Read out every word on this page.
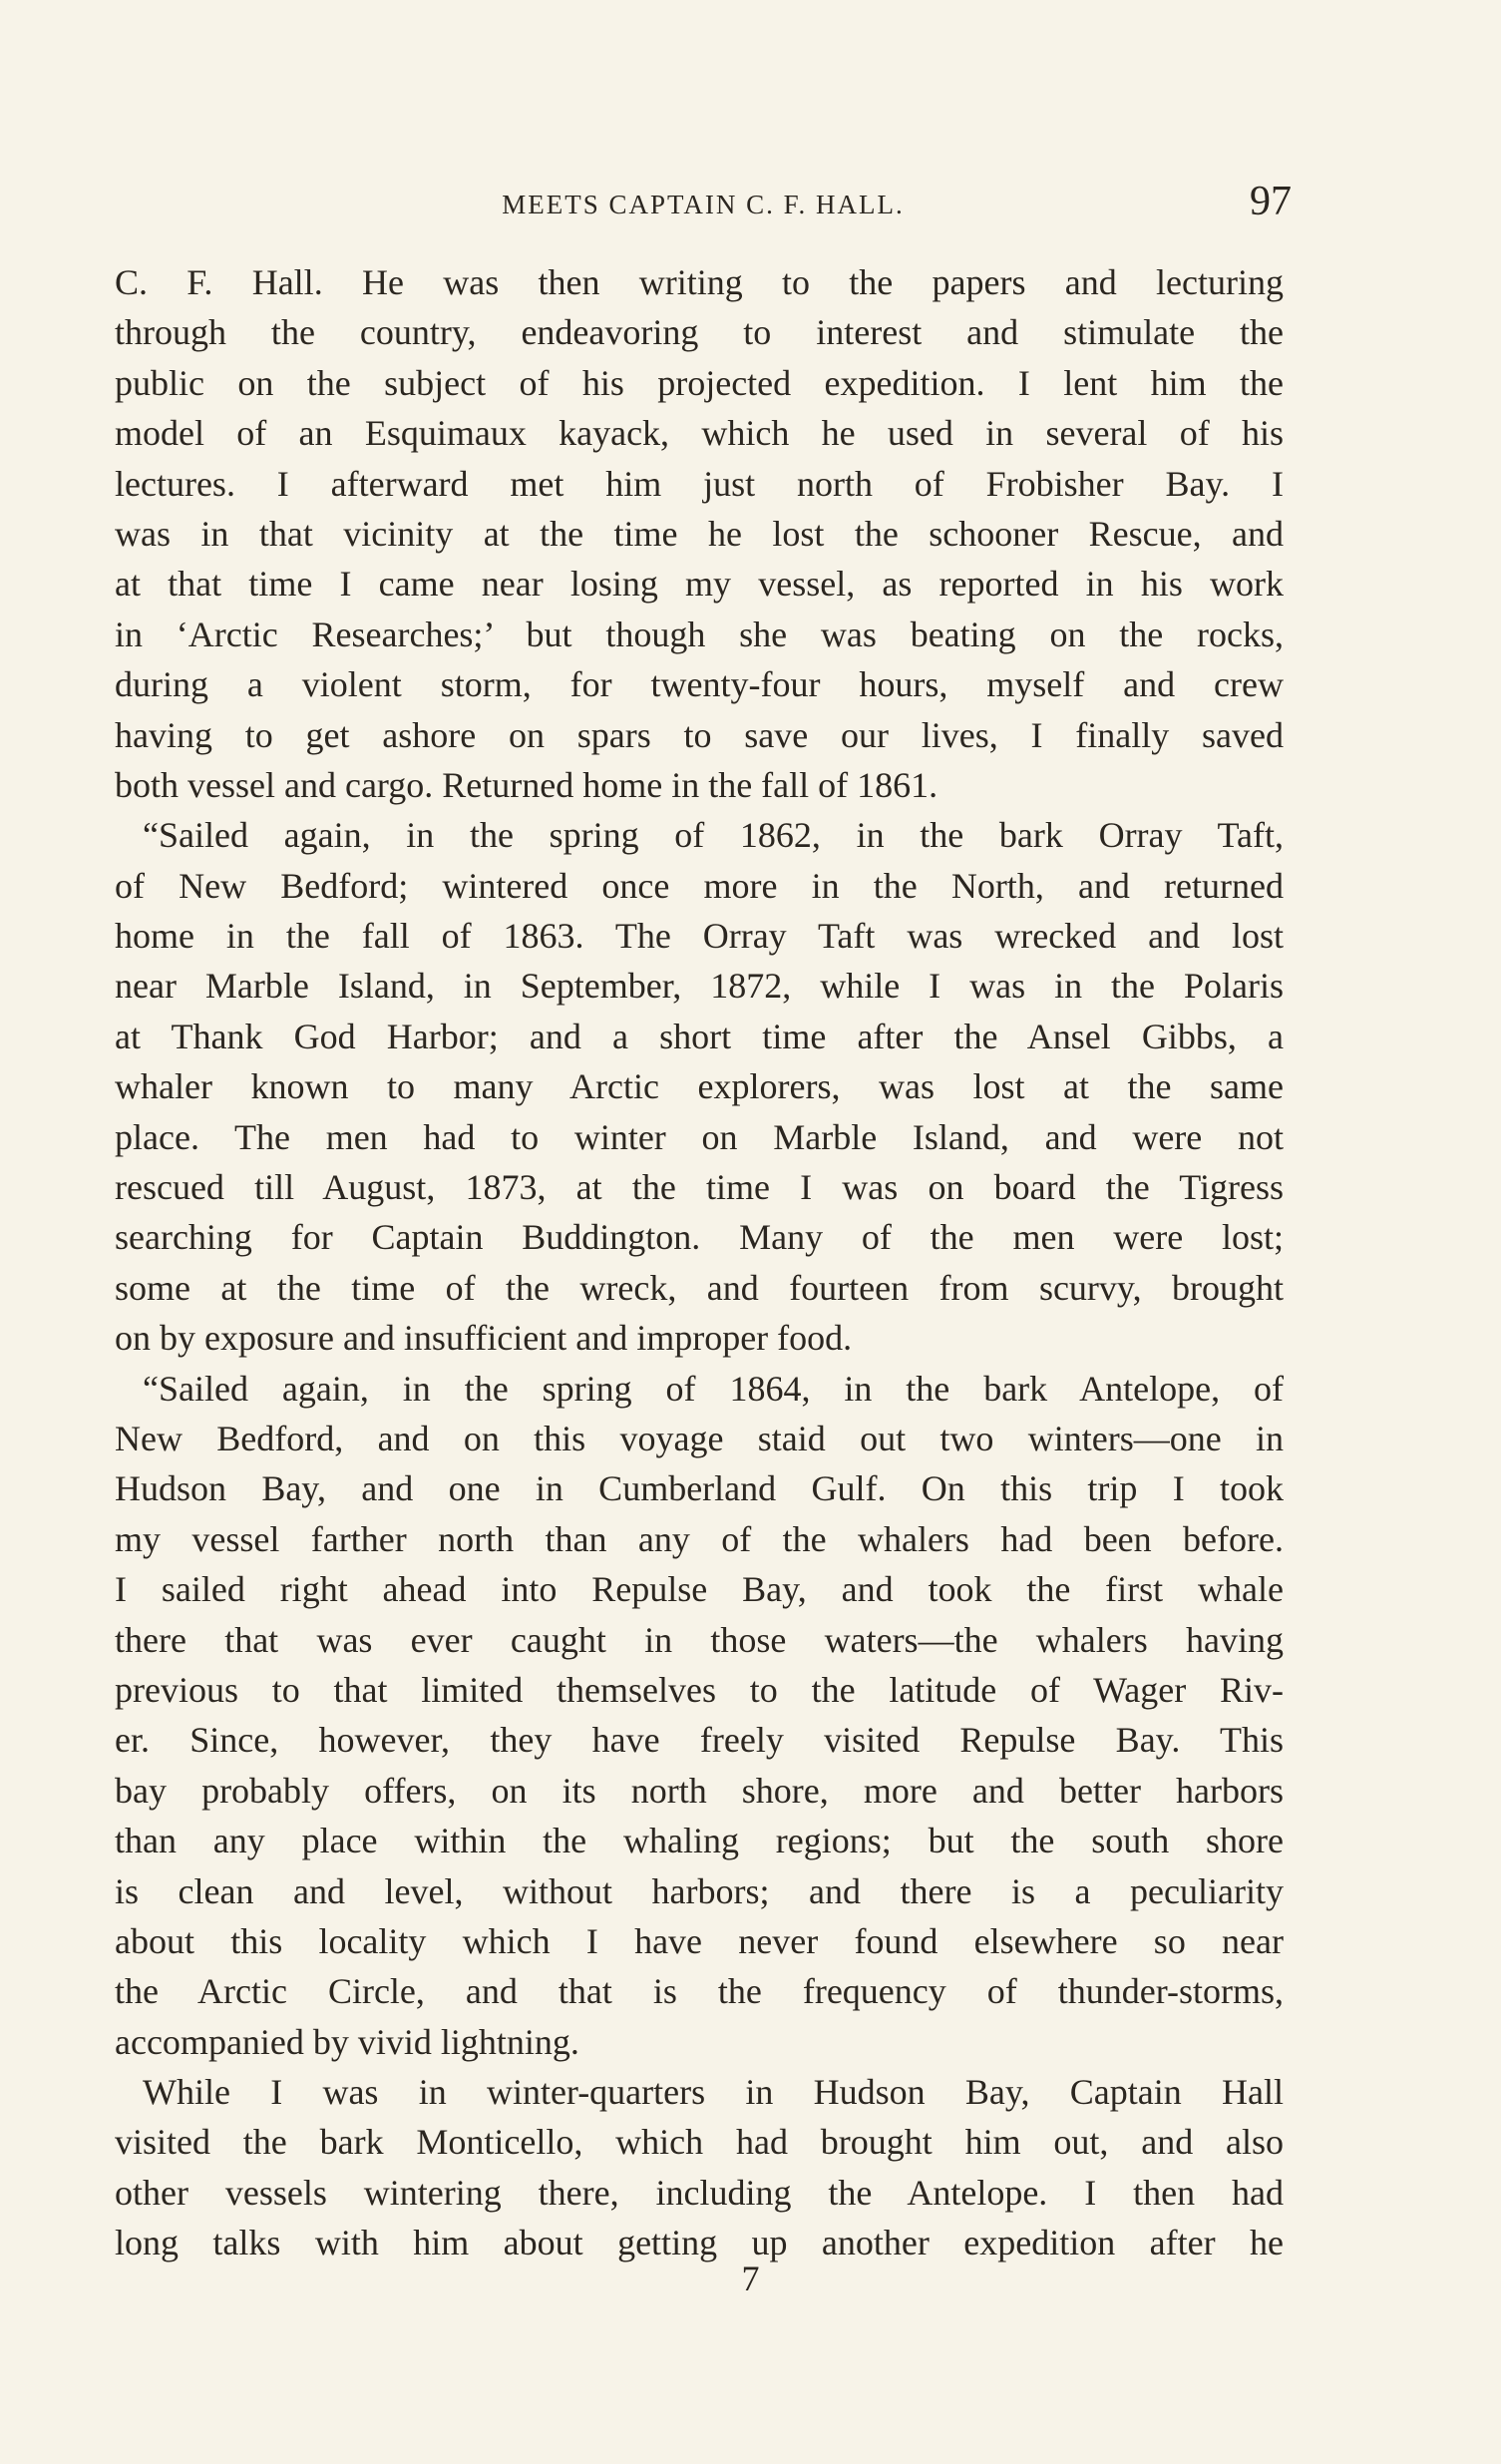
MEETS CAPTAIN C. F. HALL.	97
C. F. Hall. He was then writing to the papers and lecturing
through the country, endeavoring to interest and stimulate the
public on the subject of his projected expedition. I lent him the
model of an Esquimaux kayack, which he used in several of his
lectures. I afterward met him just north of Frobisher Bay. I
was in that vicinity at the time he lost the schooner Rescue, and
at that time I came near losing my vessel, as reported in his work
in ‘Arctic Researches;’ but though she was beating on the rocks,
during a violent storm, for twenty-four hours, myself and crew
having to get ashore on spars to save our lives, I finally saved
both vessel and cargo. Returned home in the fall of 1861.
“Sailed again, in the spring of 1862, in the bark Orray Taft,
of New Bedford; wintered once more in the North, and returned
home in the fall of 1863. The Orray Taft was wrecked and lost
near Marble Island, in September, 1872, while I was in the Polaris
at Thank God Harbor; and a short time after the Ansel Gibbs, a
whaler known to many Arctic explorers, was lost at the same
place. The men had to winter on Marble Island, and were not
rescued till August, 1873, at the time I was on board the Tigress
searching for Captain Buddington. Many of the men were lost;
some at the time of the wreck, and fourteen from scurvy, brought
on by exposure and insufficient and improper food.
“Sailed again, in the spring of 1864, in the bark Antelope, of
New Bedford, and on this voyage staid out two winters—one in
Hudson Bay, and one in Cumberland Gulf. On this trip I took
my vessel farther north than any of the whalers had been before.
I sailed right ahead into Repulse Bay, and took the first whale
there that was ever caught in those waters—the whalers having
previous to that limited themselves to the latitude of Wager Riv-
er. Since, however, they have freely visited Repulse Bay. This
bay probably offers, on its north shore, more and better harbors
than any place within the whaling regions; but the south shore
is clean and level, without harbors; and there is a peculiarity
about this locality which I have never found elsewhere so near
the Arctic Circle, and that is the frequency of thunder-storms,
accompanied by vivid lightning.
While I was in winter-quarters in Hudson Bay, Captain Hall
visited the bark Monticello, which had brought him out, and also
other vessels wintering there, including the Antelope. I then had
long talks with him about getting up another expedition after he
7
